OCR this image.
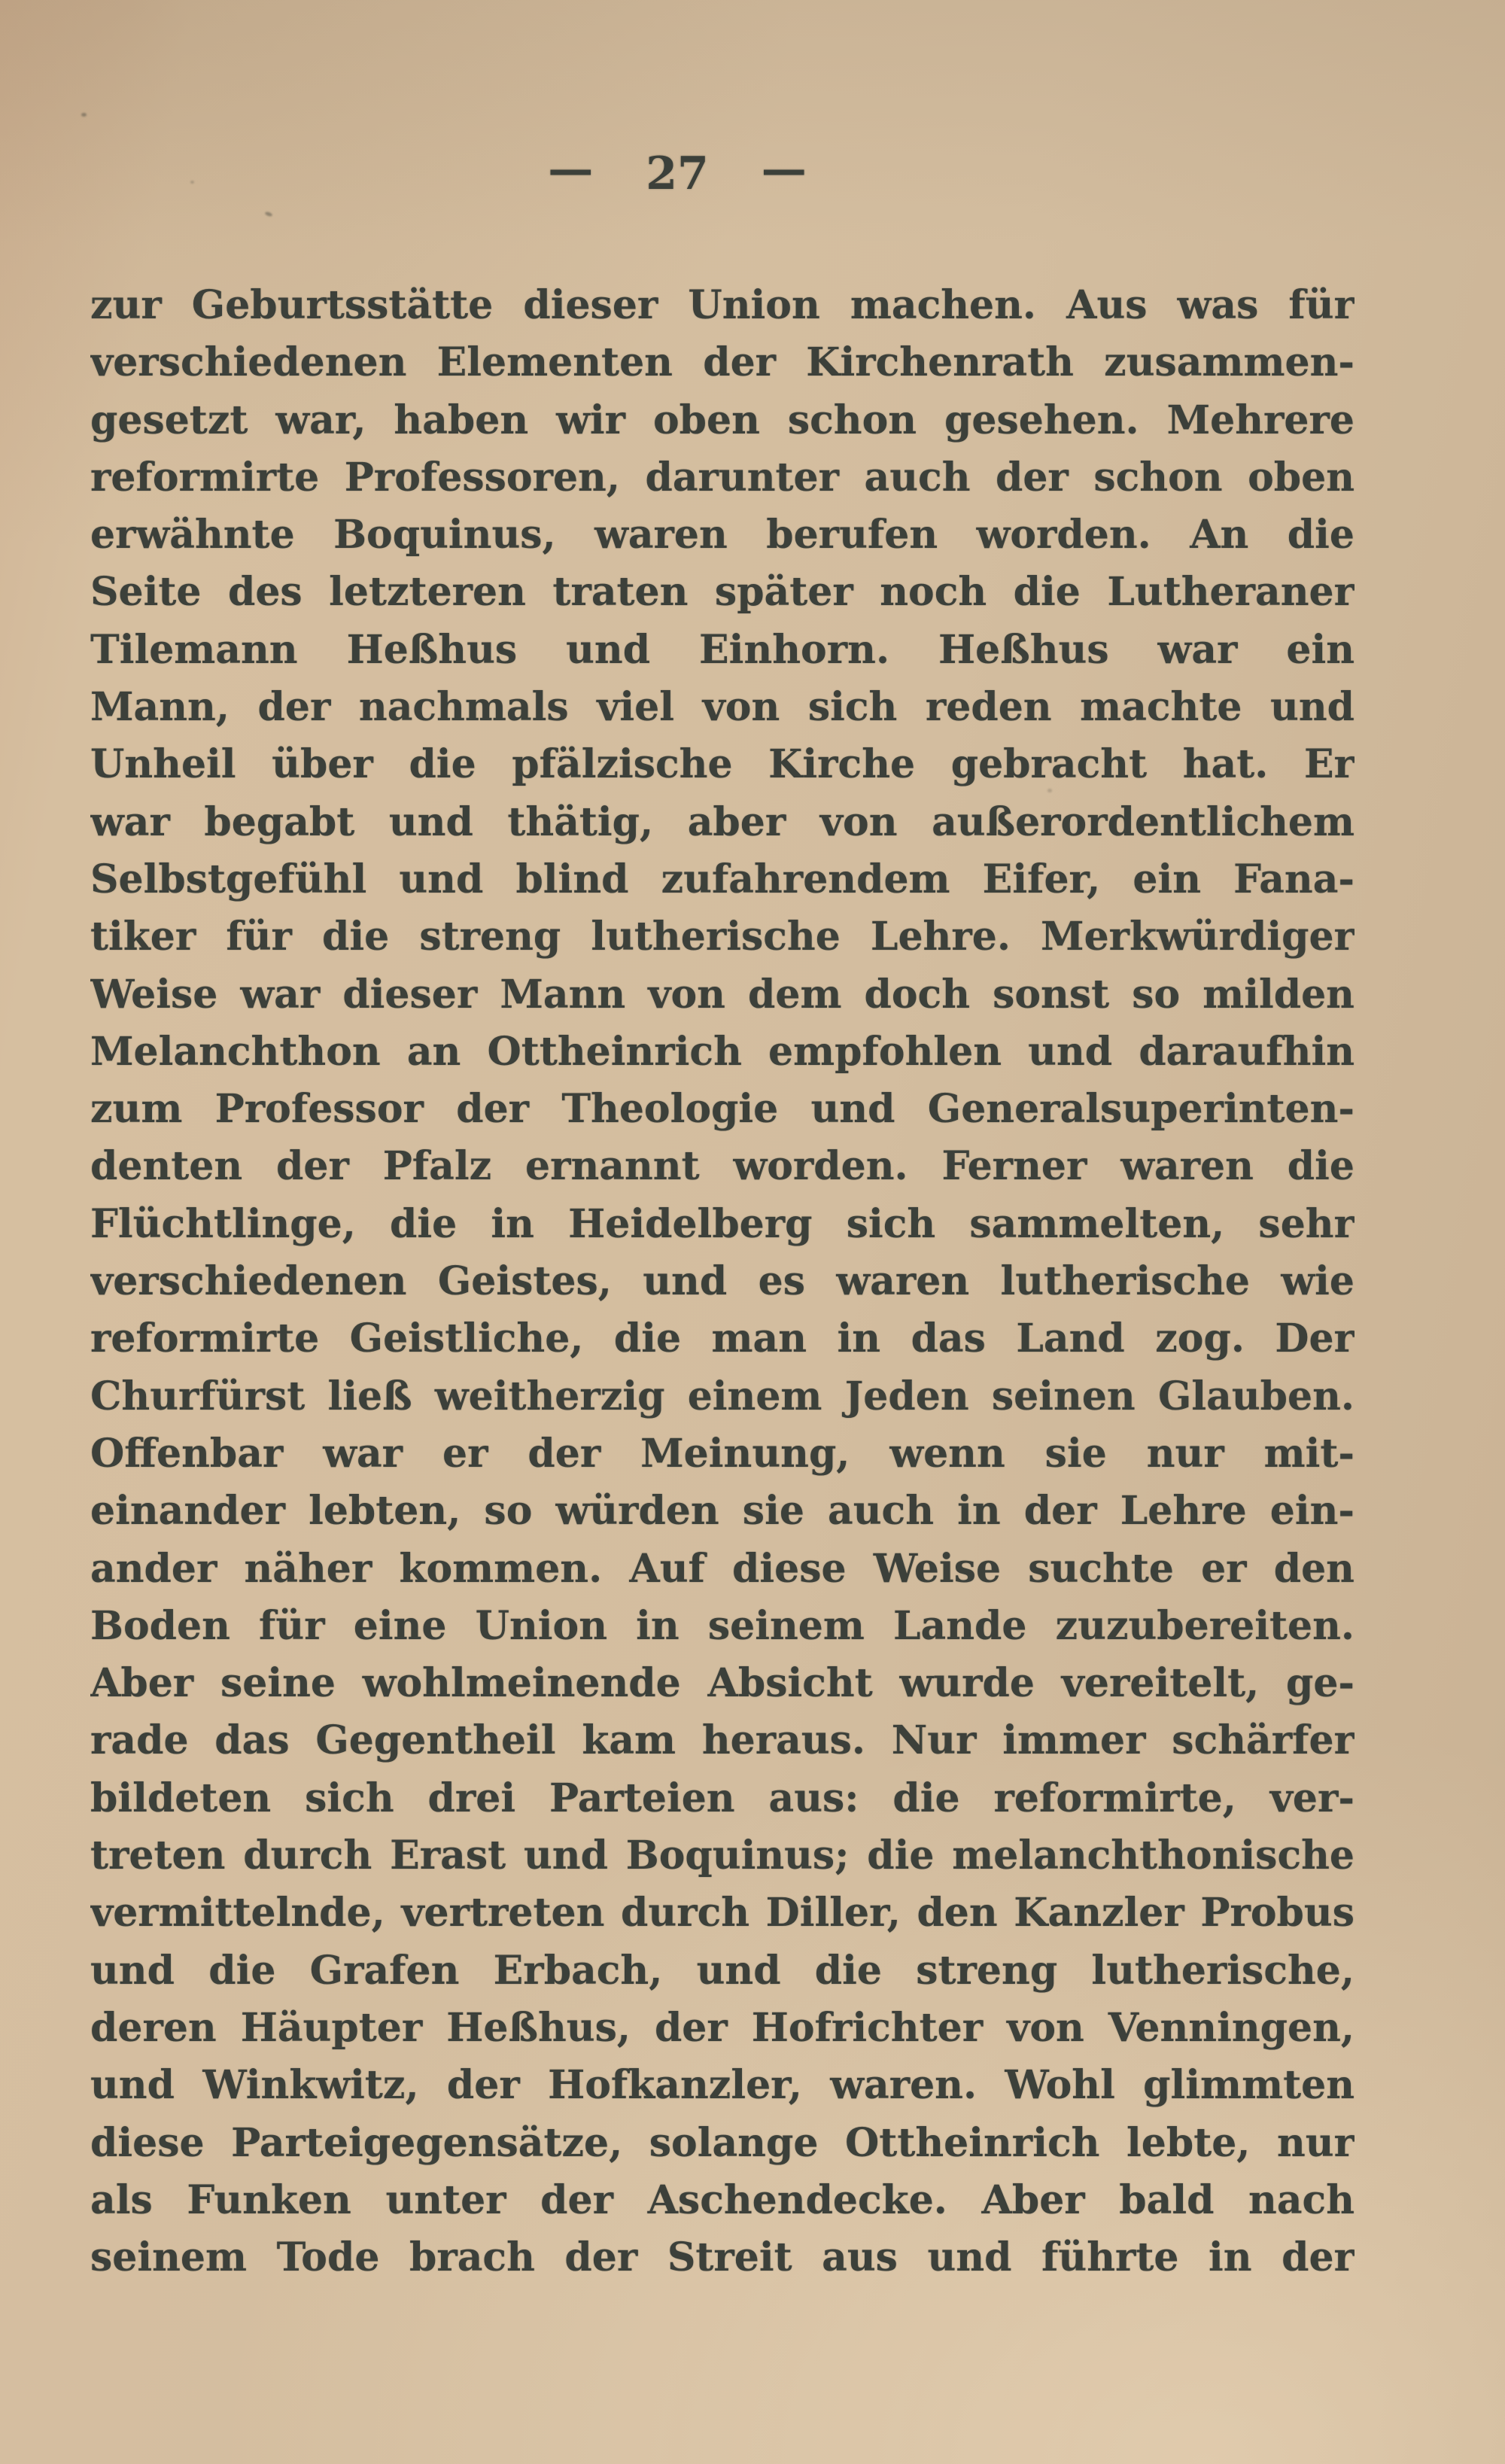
— 27 —
zur Geburtsstätte dieser Union machen. Aus was für
verschiedenen Elementen der Kirchenrath zusammen-
gesetzt war, haben wir oben schon gesehen. Mehrere
reformirte Professoren, darunter auch der schon oben
erwähnte Boquinus, waren berufen worden. An die
Seite des letzteren traten später noch die Lutheraner
Tilemann Heßhus und Einhorn. Heßhus war ein
Mann, der nachmals viel von sich reden machte und
Unheil über die pfälzische Kirche gebracht hat. Er
war begabt und thätig, aber von außerordentlichem
Selbstgefühl und blind zufahrendem Eifer, ein Fana-
tiker für die streng lutherische Lehre. Merkwürdiger
Weise war dieser Mann von dem doch sonst so milden
Melanchthon an Ottheinrich empfohlen und daraufhin
zum Professor der Theologie und Generalsuperinten-
denten der Pfalz ernannt worden. Ferner waren die
Flüchtlinge, die in Heidelberg sich sammelten, sehr
verschiedenen Geistes, und es waren lutherische wie
reformirte Geistliche, die man in das Land zog. Der
Churfürst ließ weitherzig einem Jeden seinen Glauben.
Offenbar war er der Meinung, wenn sie nur mit-
einander lebten, so würden sie auch in der Lehre ein-
ander näher kommen. Auf diese Weise suchte er den
Boden für eine Union in seinem Lande zuzubereiten.
Aber seine wohlmeinende Absicht wurde vereitelt, ge-
rade das Gegentheil kam heraus. Nur immer schärfer
bildeten sich drei Parteien aus: die reformirte, ver-
treten durch Erast und Boquinus; die melanchthonische
vermittelnde, vertreten durch Diller, den Kanzler Probus
und die Grafen Erbach, und die streng lutherische,
deren Häupter Heßhus, der Hofrichter von Venningen,
und Winkwitz, der Hofkanzler, waren. Wohl glimmten
diese Parteigegensätze, solange Ottheinrich lebte, nur
als Funken unter der Aschendecke. Aber bald nach
seinem Tode brach der Streit aus und führte in der
